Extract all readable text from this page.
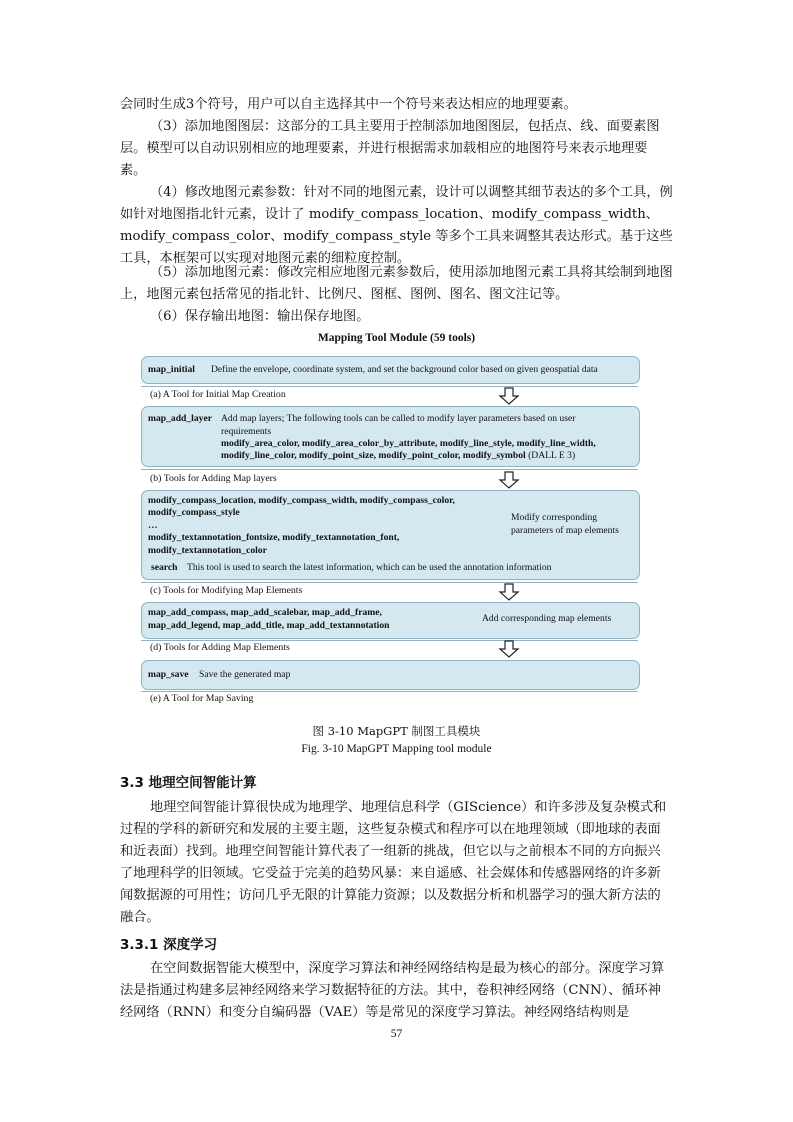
会同时生成3个符号，用户可以自主选择其中一个符号来表达相应的地理要素。

（3）添加地图图层：这部分的工具主要用于控制添加地图图层，包括点、线、面要素图层。模型可以自动识别相应的地理要素，并进行根据需求加载相应的地图符号来表示地理要素。

（4）修改地图元素参数：针对不同的地图元素，设计可以调整其细节表达的多个工具，例如针对地图指北针元素，设计了 modify_compass_location、modify_compass_width、modify_compass_color、modify_compass_style 等多个工具来调整其表达形式。基于这些工具，本框架可以实现对地图元素的细粒度控制。

（5）添加地图元素：修改完相应地图元素参数后，使用添加地图元素工具将其绘制到地图上，地图元素包括常见的指北针、比例尺、图框、图例、图名、图文注记等。

（6）保存输出地图：输出保存地图。

Mapping Tool Module (59 tools)
map_initial Define the envelope, coordinate system, and set the background color based on given geospatial data
(a) A Tool for Initial Map Creation
map_add_layer Add map layers; The following tools can be called to modify layer parameters based on user requirements
modify_area_color, modify_area_color_by_attribute, modify_line_style, modify_line_width,
modify_line_color, modify_point_size, modify_point_color, modify_symbol (DALL E 3)
(b) Tools for Adding Map layers
modify_compass_location, modify_compass_width, modify_compass_color,
modify_compass_style
…
modify_textannotation_fontsize, modify_textannotation_font,
modify_textannotation_color
Modify corresponding parameters of map elements
search This tool is used to search the latest information, which can be used the annotation information
(c) Tools for Modifying Map Elements
map_add_compass, map_add_scalebar, map_add_frame,
map_add_legend, map_add_title, map_add_textannotation
Add corresponding map elements
(d) Tools for Adding Map Elements
map_save Save the generated map
(e) A Tool for Map Saving
图 3-10 MapGPT 制图工具模块
Fig. 3-10 MapGPT Mapping tool module
3.3 地理空间智能计算

地理空间智能计算很快成为地理学、地理信息科学（GIScience）和许多涉及复杂模式和过程的学科的新研究和发展的主要主题，这些复杂模式和程序可以在地理领域（即地球的表面和近表面）找到。地理空间智能计算代表了一组新的挑战，但它以与之前根本不同的方向振兴了地理科学的旧领域。它受益于完美的趋势风暴：来自遥感、社会媒体和传感器网络的许多新闻数据源的可用性；访问几乎无限的计算能力资源；以及数据分析和机器学习的强大新方法的融合。

3.3.1 深度学习

在空间数据智能大模型中，深度学习算法和神经网络结构是最为核心的部分。深度学习算法是指通过构建多层神经网络来学习数据特征的方法。其中，卷积神经网络（CNN）、循环神经网络（RNN）和变分自编码器（VAE）等是常见的深度学习算法。神经网络结构则是

57
